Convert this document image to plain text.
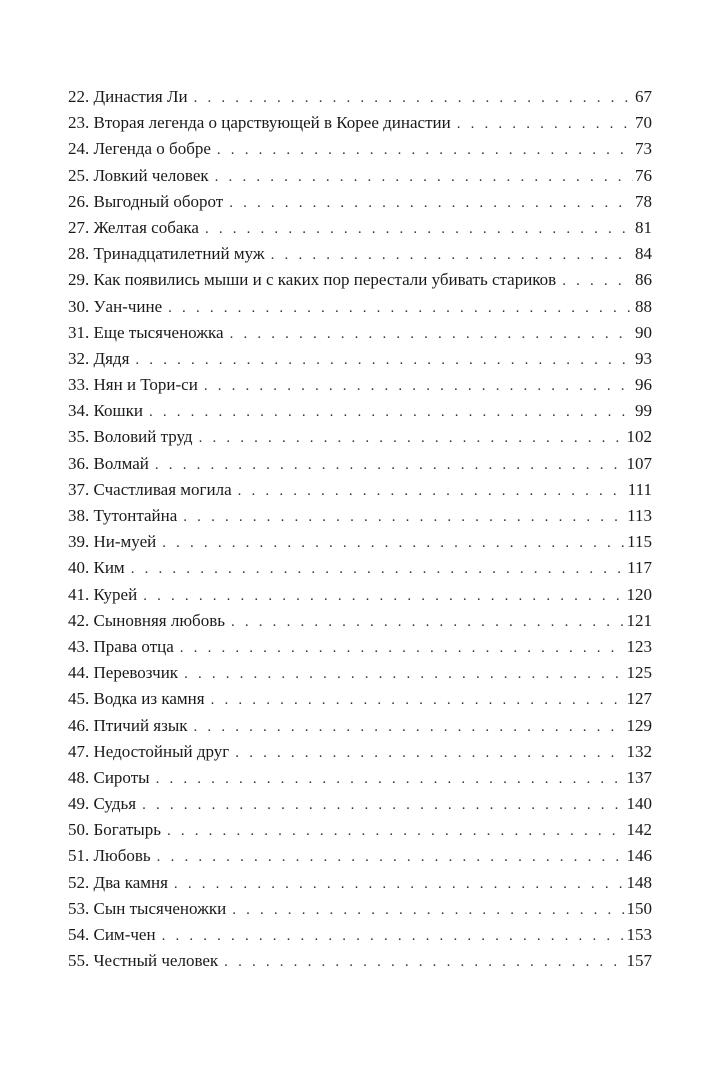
22. Династия Ли . . .	67
23. Вторая легенда о царствующей в Корее династии . . .	70
24. Легенда о бобре . . .	73
25. Ловкий человек . . .	76
26. Выгодный оборот . . .	78
27. Желтая собака . . .	81
28. Тринадцатилетний муж . . .	84
29. Как появились мыши и с каких пор перестали убивать стариков . . .	86
30. Уан-чине . . .	88
31. Еще тысяченожка . . .	90
32. Дядя . . .	93
33. Нян и Тори-си . . .	96
34. Кошки . . .	99
35. Воловий труд . . .	102
36. Волмай . . .	107
37. Счастливая могила . . .	111
38. Тутонтайна . . .	113
39. Ни-муей . . .	115
40. Ким . . .	117
41. Курей . . .	120
42. Сыновняя любовь . . .	121
43. Права отца . . .	123
44. Перевозчик . . .	125
45. Водка из камня . . .	127
46. Птичий язык . . .	129
47. Недостойный друг . . .	132
48. Сироты . . .	137
49. Судья . . .	140
50. Богатырь . . .	142
51. Любовь . . .	146
52. Два камня . . .	148
53. Сын тысяченожки . . .	150
54. Сим-чен . . .	153
55. Честный человек . . .	157
